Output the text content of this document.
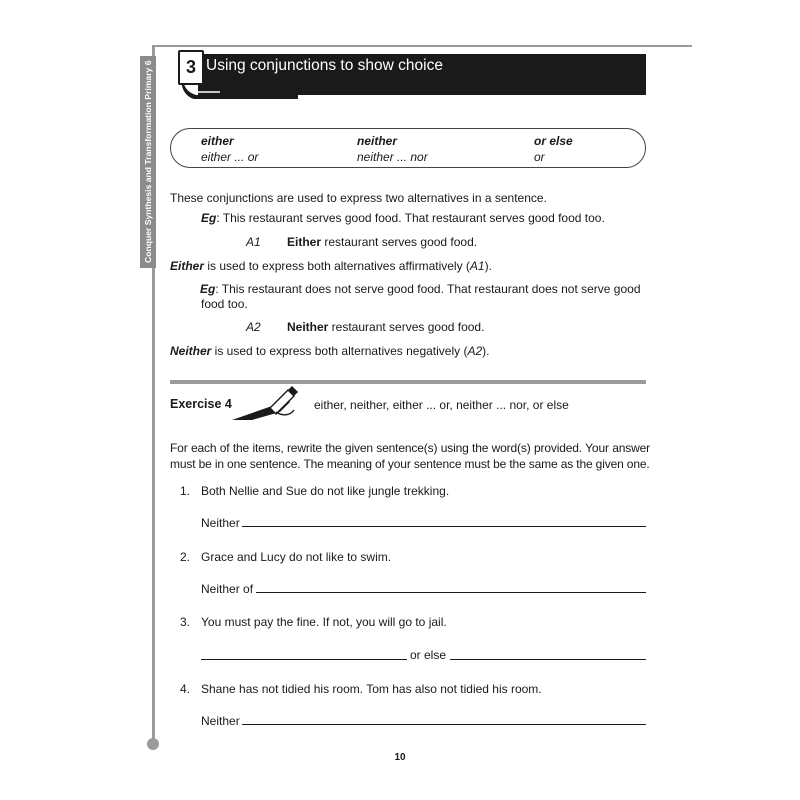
Conquer Synthesis and Transformation Primary 6	3 Using conjunctions to show choice
either
either ... or
neither
neither ... nor
or else
or
These conjunctions are used to express two alternatives in a sentence.
Eg: This restaurant serves good food. That restaurant serves good food too.
A1 Either restaurant serves good food.
Either is used to express both alternatives affirmatively (A1).
Eg: This restaurant does not serve good food. That restaurant does not serve good food too.
A2 Neither restaurant serves good food.
Neither is used to express both alternatives negatively (A2).
Exercise 4	either, neither, either ... or, neither ... nor, or else
For each of the items, rewrite the given sentence(s) using the word(s) provided. Your answer must be in one sentence. The meaning of your sentence must be the same as the given one.
1. Both Nellie and Sue do not like jungle trekking.
Neither
2. Grace and Lucy do not like to swim.
Neither of
3. You must pay the fine. If not, you will go to jail.
or else
4. Shane has not tidied his room. Tom has also not tidied his room.
Neither
10
